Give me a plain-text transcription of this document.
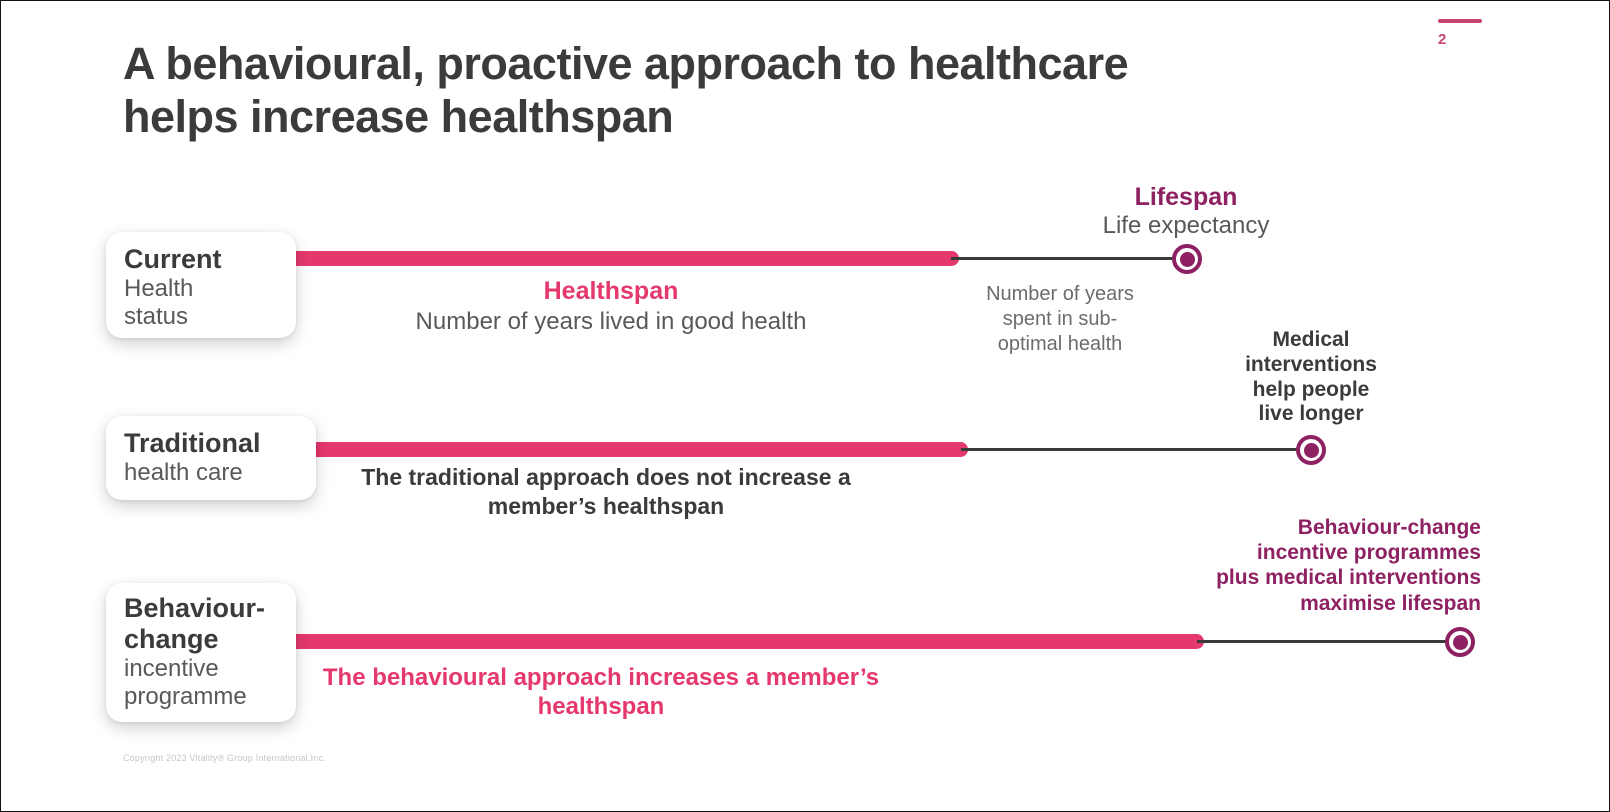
A behavioural, proactive approach to healthcare helps increase healthspan
2
Current
Health status
Lifespan
Life expectancy
Healthspan
Number of years lived in good health
Number of years
spent in sub-
optimal health
Traditional
health care	The traditional approach does not increase a member’s healthspan
Medical
interventions
help people
live longer
Behaviour-change
incentive programme
The behavioural approach increases a member’s healthspan
Behaviour-change
incentive programmes
plus medical interventions
maximise lifespan
Copyright 2023 Vitality® Group International,Inc.
